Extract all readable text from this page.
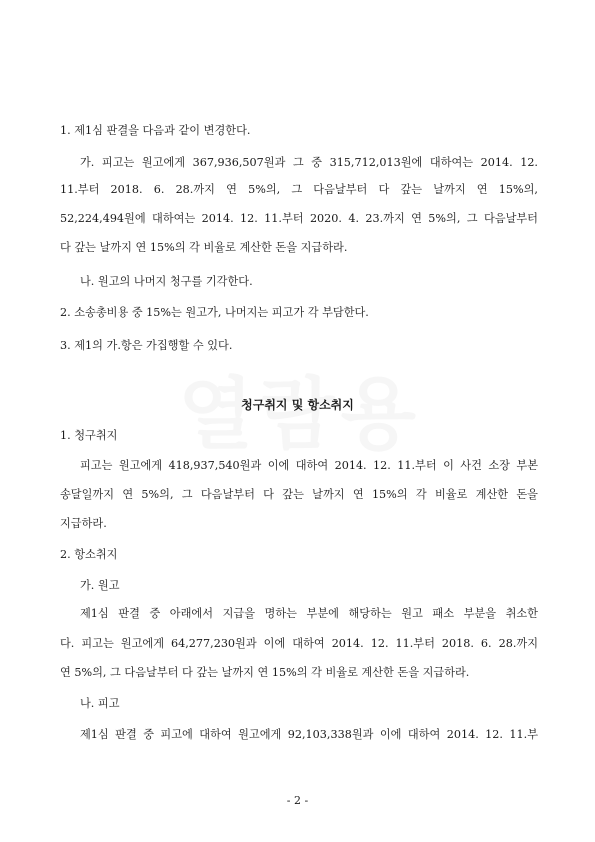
1. 제1심 판결을 다음과 같이 변경한다.
가. 피고는 원고에게 367,936,507원과 그 중 315,712,013원에 대하여는 2014. 12.
11.부터 2018. 6. 28.까지 연 5%의, 그 다음날부터 다 갚는 날까지 연 15%의,
52,224,494원에 대하여는 2014. 12. 11.부터 2020. 4. 23.까지 연 5%의, 그 다음날부터
다 갚는 날까지 연 15%의 각 비율로 계산한 돈을 지급하라.
나. 원고의 나머지 청구를 기각한다.
2. 소송총비용 중 15%는 원고가, 나머지는 피고가 각 부담한다.
3. 제1의 가.항은 가집행할 수 있다.
청구취지 및 항소취지
1. 청구취지
피고는 원고에게 418,937,540원과 이에 대하여 2014. 12. 11.부터 이 사건 소장 부본
송달일까지 연 5%의, 그 다음날부터 다 갚는 날까지 연 15%의 각 비율로 계산한 돈을
지급하라.
2. 항소취지
가. 원고
제1심 판결 중 아래에서 지급을 명하는 부분에 해당하는 원고 패소 부분을 취소한
다. 피고는 원고에게 64,277,230원과 이에 대하여 2014. 12. 11.부터 2018. 6. 28.까지
연 5%의, 그 다음날부터 다 갚는 날까지 연 15%의 각 비율로 계산한 돈을 지급하라.
나. 피고
제1심 판결 중 피고에 대하여 원고에게 92,103,338원과 이에 대하여 2014. 12. 11.부
- 2 -
